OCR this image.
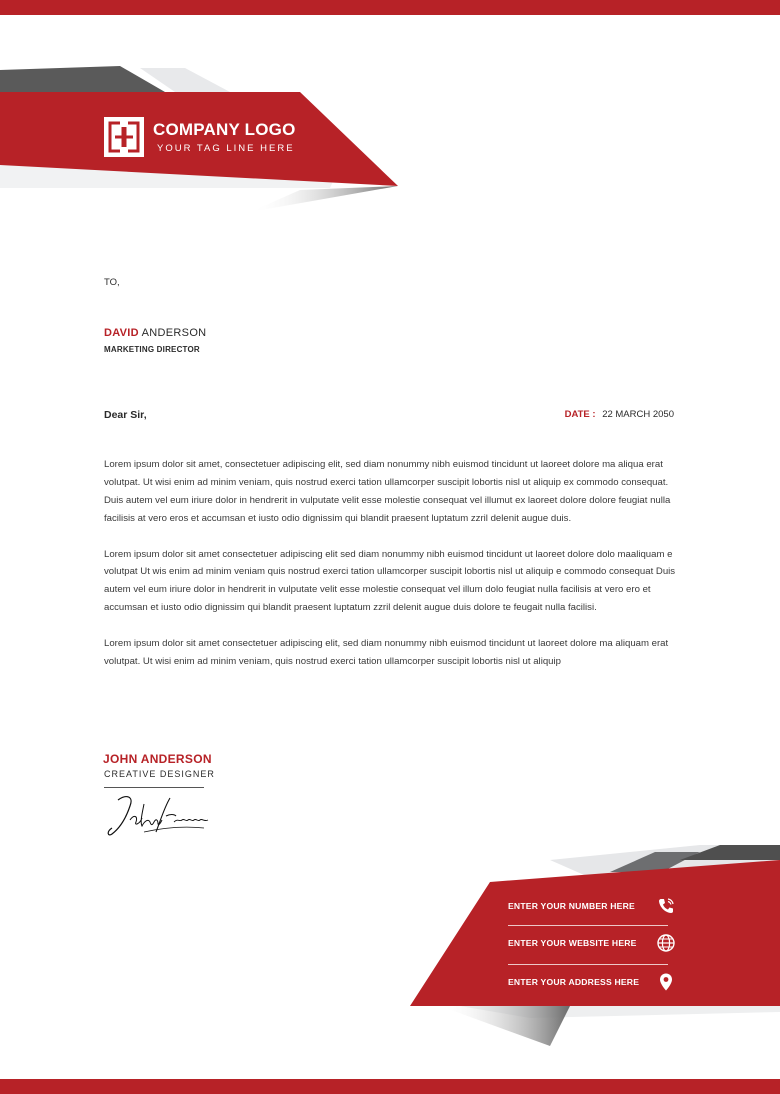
COMPANY LOGO
YOUR TAG LINE HERE
TO,
DAVID ANDERSON
MARKETING DIRECTOR
Dear Sir,	DATE : 22 MARCH 2050

Lorem ipsum dolor sit amet, consectetuer adipiscing elit, sed diam nonummy nibh euismod tincidunt ut laoreet dolore ma aliqua erat volutpat. Ut wisi enim ad minim veniam, quis nostrud exerci tation ullamcorper suscipit lobortis nisl ut aliquip ex commodo consequat. Duis autem vel eum iriure dolor in hendrerit in vulputate velit esse molestie consequat vel illumut ex laoreet dolore dolore feugiat nulla facilisis at vero eros et accumsan et iusto odio dignissim qui blandit praesent luptatum zzril delenit augue duis.

Lorem ipsum dolor sit amet consectetuer adipiscing elit sed diam nonummy nibh euismod tincidunt ut laoreet dolore dolo maaliquam e volutpat Ut wis enim ad minim veniam quis nostrud exerci tation ullamcorper suscipit lobortis nisl ut aliquip e commodo consequat Duis autem vel eum iriure dolor in hendrerit in vulputate velit esse molestie consequat vel illum dolo feugiat nulla facilisis at vero ero et accumsan et iusto odio dignissim qui blandit praesent luptatum zzril delenit augue duis dolore te feugait nulla facilisi.

Lorem ipsum dolor sit amet consectetuer adipiscing elit, sed diam nonummy nibh euismod tincidunt ut laoreet dolore ma aliquam erat volutpat. Ut wisi enim ad minim veniam, quis nostrud exerci tation ullamcorper suscipit lobortis nisl ut aliquip

JOHN ANDERSON
CREATIVE DESIGNER
ENTER YOUR NUMBER HERE
ENTER YOUR WEBSITE HERE
ENTER YOUR ADDRESS HERE
